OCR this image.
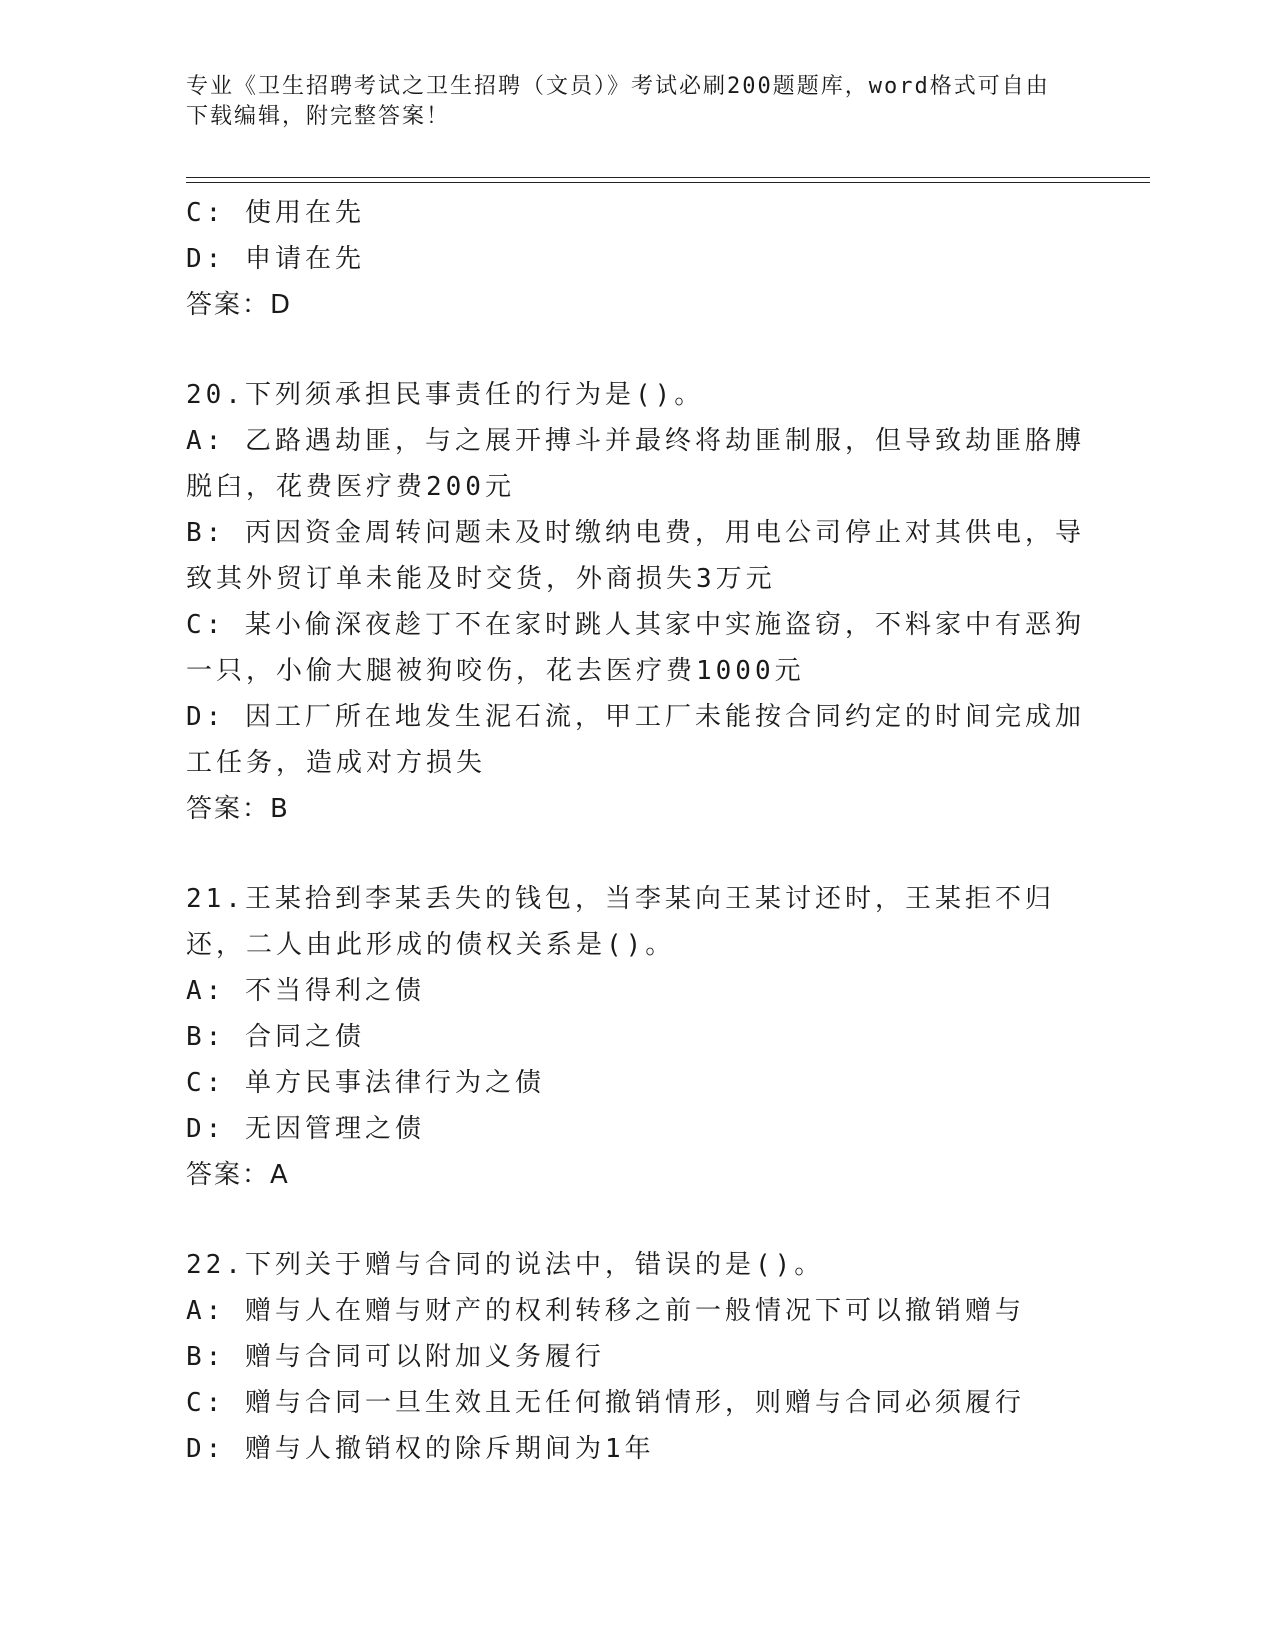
专业《卫生招聘考试之卫生招聘（文员）》考试必刷200题题库，word格式可自由下载编辑，附完整答案！
C: 使用在先
D: 申请在先
答案：D
20.下列须承担民事责任的行为是()。
A: 乙路遇劫匪，与之展开搏斗并最终将劫匪制服，但导致劫匪胳膊脱臼，花费医疗费200元
B: 丙因资金周转问题未及时缴纳电费，用电公司停止对其供电，导致其外贸订单未能及时交货，外商损失3万元
C: 某小偷深夜趁丁不在家时跳人其家中实施盗窃，不料家中有恶狗一只，小偷大腿被狗咬伤，花去医疗费1000元
D: 因工厂所在地发生泥石流，甲工厂未能按合同约定的时间完成加工任务，造成对方损失
答案：B
21.王某拾到李某丢失的钱包，当李某向王某讨还时，王某拒不归还，二人由此形成的债权关系是()。
A: 不当得利之债
B: 合同之债
C: 单方民事法律行为之债
D: 无因管理之债
答案：A
22.下列关于赠与合同的说法中，错误的是()。
A: 赠与人在赠与财产的权利转移之前一般情况下可以撤销赠与
B: 赠与合同可以附加义务履行
C: 赠与合同一旦生效且无任何撤销情形，则赠与合同必须履行
D: 赠与人撤销权的除斥期间为1年
